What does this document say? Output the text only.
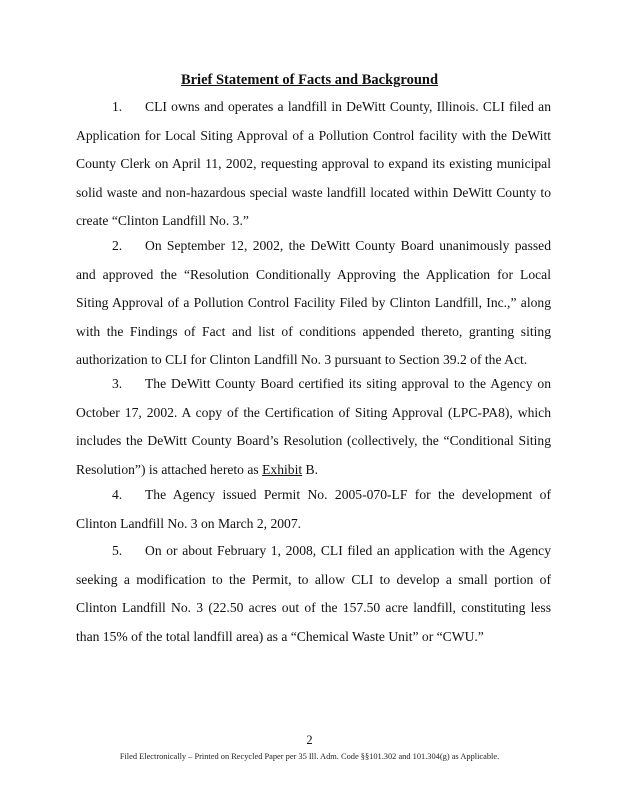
Brief Statement of Facts and Background
1. CLI owns and operates a landfill in DeWitt County, Illinois. CLI filed an Application for Local Siting Approval of a Pollution Control facility with the DeWitt County Clerk on April 11, 2002, requesting approval to expand its existing municipal solid waste and non-hazardous special waste landfill located within DeWitt County to create “Clinton Landfill No. 3.”
2. On September 12, 2002, the DeWitt County Board unanimously passed and approved the “Resolution Conditionally Approving the Application for Local Siting Approval of a Pollution Control Facility Filed by Clinton Landfill, Inc.,” along with the Findings of Fact and list of conditions appended thereto, granting siting authorization to CLI for Clinton Landfill No. 3 pursuant to Section 39.2 of the Act.
3. The DeWitt County Board certified its siting approval to the Agency on October 17, 2002. A copy of the Certification of Siting Approval (LPC-PA8), which includes the DeWitt County Board’s Resolution (collectively, the “Conditional Siting Resolution”) is attached hereto as Exhibit B.
4. The Agency issued Permit No. 2005-070-LF for the development of Clinton Landfill No. 3 on March 2, 2007.
5. On or about February 1, 2008, CLI filed an application with the Agency seeking a modification to the Permit, to allow CLI to develop a small portion of Clinton Landfill No. 3 (22.50 acres out of the 157.50 acre landfill, constituting less than 15% of the total landfill area) as a “Chemical Waste Unit” or “CWU.”
2
Filed Electronically – Printed on Recycled Paper per 35 Ill. Adm. Code §§101.302 and 101.304(g) as Applicable.
